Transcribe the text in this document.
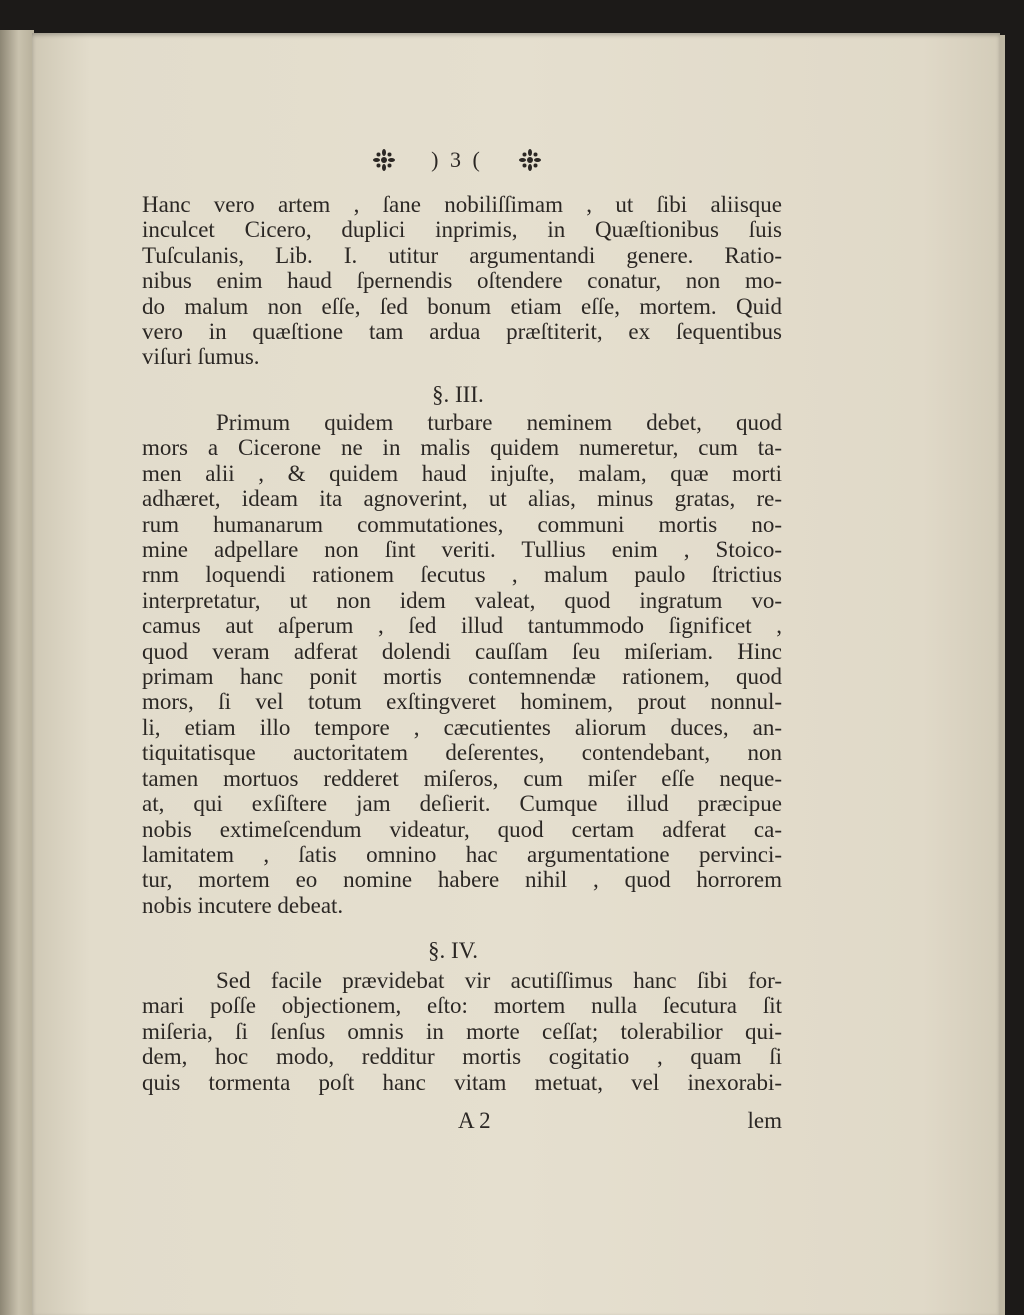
) 3 (
Hanc vero artem , ſane nobiliſſimam , ut ſibi aliisque
inculcet Cicero, duplici inprimis, in Quæſtionibus ſuis
Tuſculanis, Lib. I. utitur argumentandi genere. Ratio-
nibus enim haud ſpernendis oſtendere conatur, non mo-
do malum non eſſe, ſed bonum etiam eſſe, mortem. Quid
vero in quæſtione tam ardua præſtiterit, ex ſequentibus
viſuri ſumus.
§. III.
Primum quidem turbare neminem debet, quod
mors a Cicerone ne in malis quidem numeretur, cum ta-
men alii , & quidem haud injuſte, malam, quæ morti
adhæret, ideam ita agnoverint, ut alias, minus gratas, re-
rum humanarum commutationes, communi mortis no-
mine adpellare non ſint veriti. Tullius enim , Stoico-
rnm loquendi rationem ſecutus , malum paulo ſtrictius
interpretatur, ut non idem valeat, quod ingratum vo-
camus aut aſperum , ſed illud tantummodo ſignificet ,
quod veram adferat dolendi cauſſam ſeu miſeriam. Hinc
primam hanc ponit mortis contemnendæ rationem, quod
mors, ſi vel totum exſtingveret hominem, prout nonnul-
li, etiam illo tempore , cæcutientes aliorum duces, an-
tiquitatisque auctoritatem deſerentes, contendebant, non
tamen mortuos redderet miſeros, cum miſer eſſe neque-
at, qui exſiſtere jam deſierit. Cumque illud præcipue
nobis extimeſcendum videatur, quod certam adferat ca-
lamitatem , ſatis omnino hac argumentatione pervinci-
tur, mortem eo nomine habere nihil , quod horrorem
nobis incutere debeat.
§. IV.
Sed facile prævidebat vir acutiſſimus hanc ſibi for-
mari poſſe objectionem, eſto: mortem nulla ſecutura ſit
miſeria, ſi ſenſus omnis in morte ceſſat; tolerabilior qui-
dem, hoc modo, redditur mortis cogitatio , quam ſi
quis tormenta poſt hanc vitam metuat, vel inexorabi-
A 2	lem
